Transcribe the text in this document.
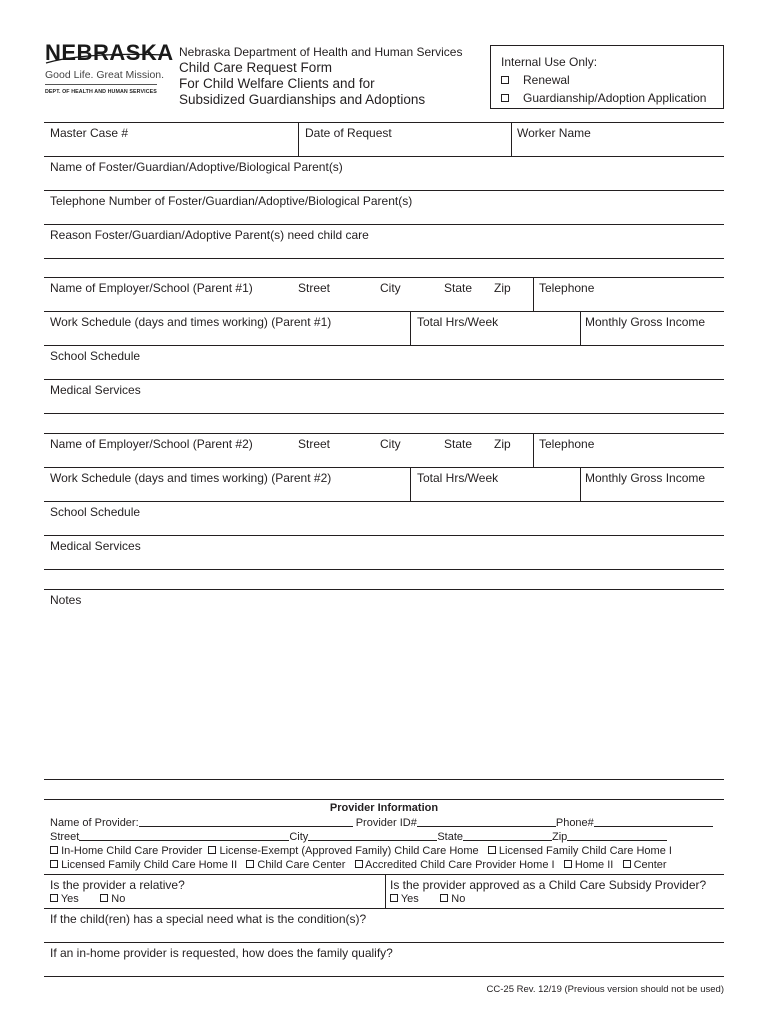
NEBRASKA
Good Life. Great Mission.
DEPT. OF HEALTH AND HUMAN SERVICES
Nebraska Department of Health and Human Services
Child Care Request Form
For Child Welfare Clients and for
Subsidized Guardianships and Adoptions
Internal Use Only:
Renewal
Guardianship/Adoption Application
Master Case #	Date of Request	Worker Name
Name of Foster/Guardian/Adoptive/Biological Parent(s)
Telephone Number of Foster/Guardian/Adoptive/Biological Parent(s)
Reason Foster/Guardian/Adoptive Parent(s) need child care
Name of Employer/School (Parent #1)	Street	City	State Zip Telephone
Work Schedule (days and times working) (Parent #1)	Total Hrs/Week	Monthly Gross Income
School Schedule
Medical Services
Name of Employer/School (Parent #2)	Street	City	State Zip Telephone
Work Schedule (days and times working) (Parent #2)	Total Hrs/Week	Monthly Gross Income
School Schedule
Medical Services
Notes
Provider Information
Name of Provider:	Provider ID#	Phone#
Street	City	State	Zip
In-Home Child Care Provider License-Exempt (Approved Family) Child Care Home Licensed Family Child Care Home I
Licensed Family Child Care Home II Child Care Center Accredited Child Care Provider Home I Home II Center
Is the provider a relative?
Yes	No
Is the provider approved as a Child Care Subsidy Provider?
Yes	No
If the child(ren) has a special need what is the condition(s)?
If an in-home provider is requested, how does the family qualify?
CC-25 Rev. 12/19 (Previous version should not be used)
